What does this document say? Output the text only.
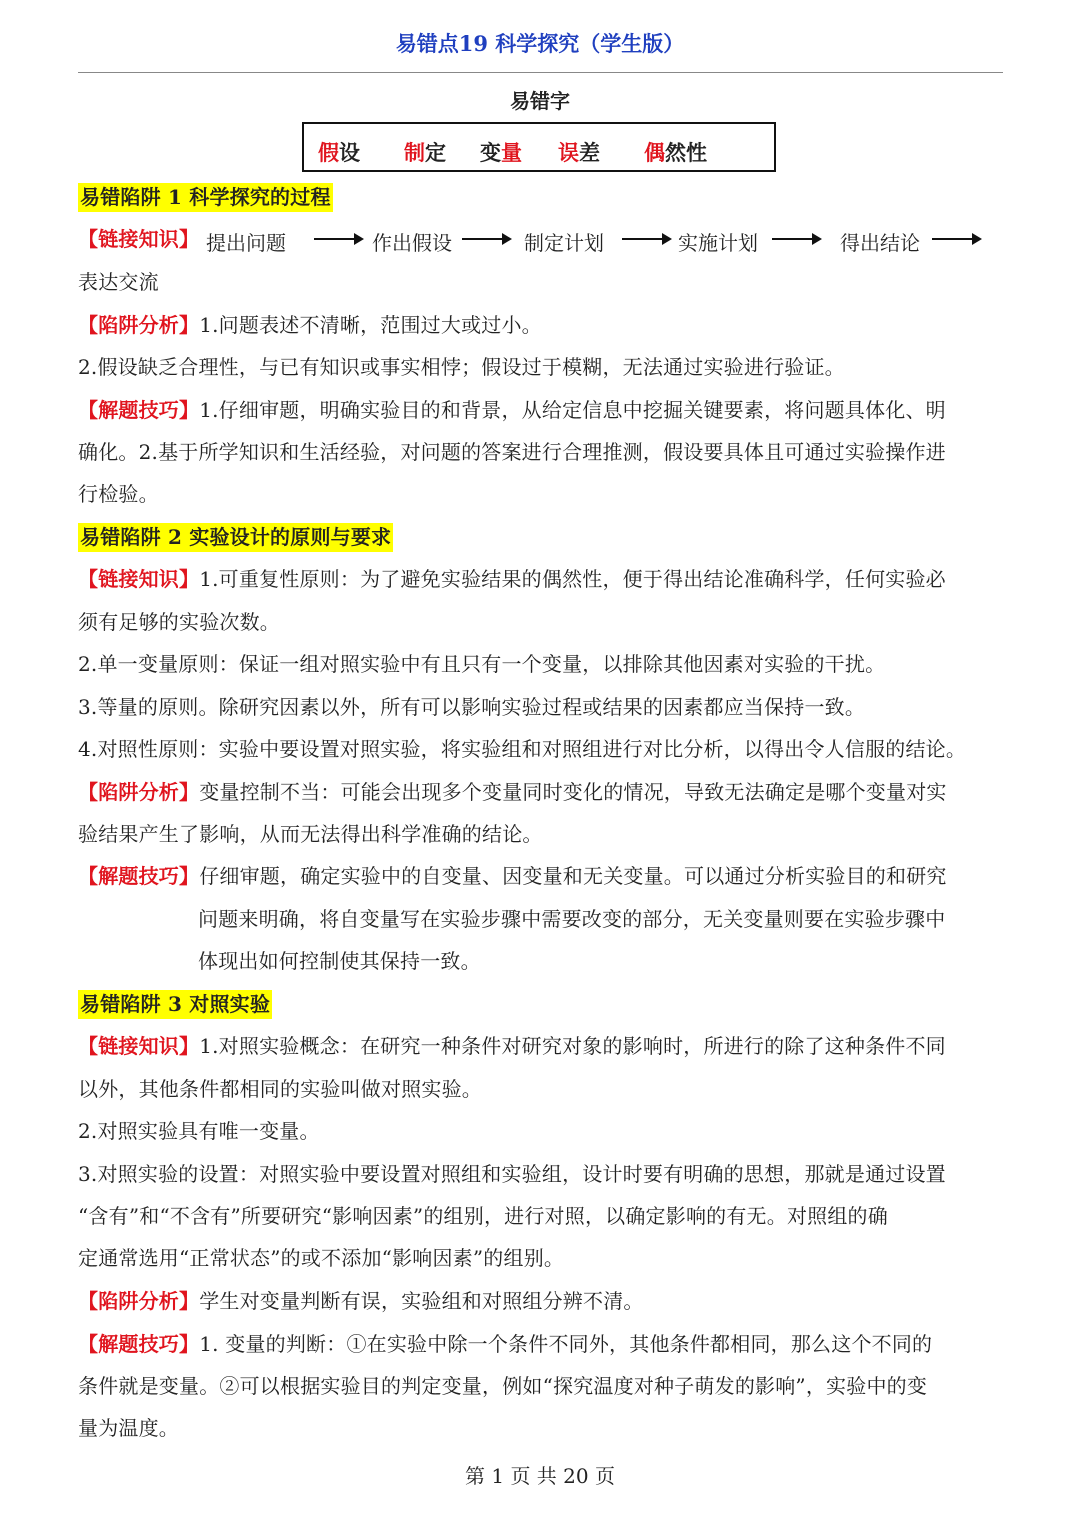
易错点19 科学探究（学生版）
易错字
假设 制定 变量 误差 偶然性
易错陷阱 1 科学探究的过程
【链接知识】 提出问题	作出假设	制定计划	实施计划	得出结论
表达交流
【陷阱分析】1.问题表述不清晰，范围过大或过小。
2.假设缺乏合理性，与已有知识或事实相悖；假设过于模糊，无法通过实验进行验证。
【解题技巧】1.仔细审题，明确实验目的和背景，从给定信息中挖掘关键要素，将问题具体化、明
确化。2.基于所学知识和生活经验，对问题的答案进行合理推测，假设要具体且可通过实验操作进
行检验。
易错陷阱 2 实验设计的原则与要求
【链接知识】1.可重复性原则：为了避免实验结果的偶然性，便于得出结论准确科学，任何实验必
须有足够的实验次数。
2.单一变量原则：保证一组对照实验中有且只有一个变量，以排除其他因素对实验的干扰。
3.等量的原则。除研究因素以外，所有可以影响实验过程或结果的因素都应当保持一致。
4.对照性原则：实验中要设置对照实验，将实验组和对照组进行对比分析，以得出令人信服的结论。
【陷阱分析】变量控制不当：可能会出现多个变量同时变化的情况，导致无法确定是哪个变量对实
验结果产生了影响，从而无法得出科学准确的结论。
【解题技巧】仔细审题，确定实验中的自变量、因变量和无关变量。可以通过分析实验目的和研究
问题来明确，将自变量写在实验步骤中需要改变的部分，无关变量则要在实验步骤中
体现出如何控制使其保持一致。
易错陷阱 3 对照实验
【链接知识】1.对照实验概念：在研究一种条件对研究对象的影响时，所进行的除了这种条件不同
以外，其他条件都相同的实验叫做对照实验。
2.对照实验具有唯一变量。
3.对照实验的设置：对照实验中要设置对照组和实验组，设计时要有明确的思想，那就是通过设置
“含有”和“不含有”所要研究“影响因素”的组别，进行对照，以确定影响的有无。对照组的确
定通常选用“正常状态”的或不添加“影响因素”的组别。
【陷阱分析】学生对变量判断有误，实验组和对照组分辨不清。
【解题技巧】1. 变量的判断：①在实验中除一个条件不同外，其他条件都相同，那么这个不同的
条件就是变量。②可以根据实验目的判定变量，例如“探究温度对种子萌发的影响”，实验中的变
量为温度。
第 1 页 共 20 页
